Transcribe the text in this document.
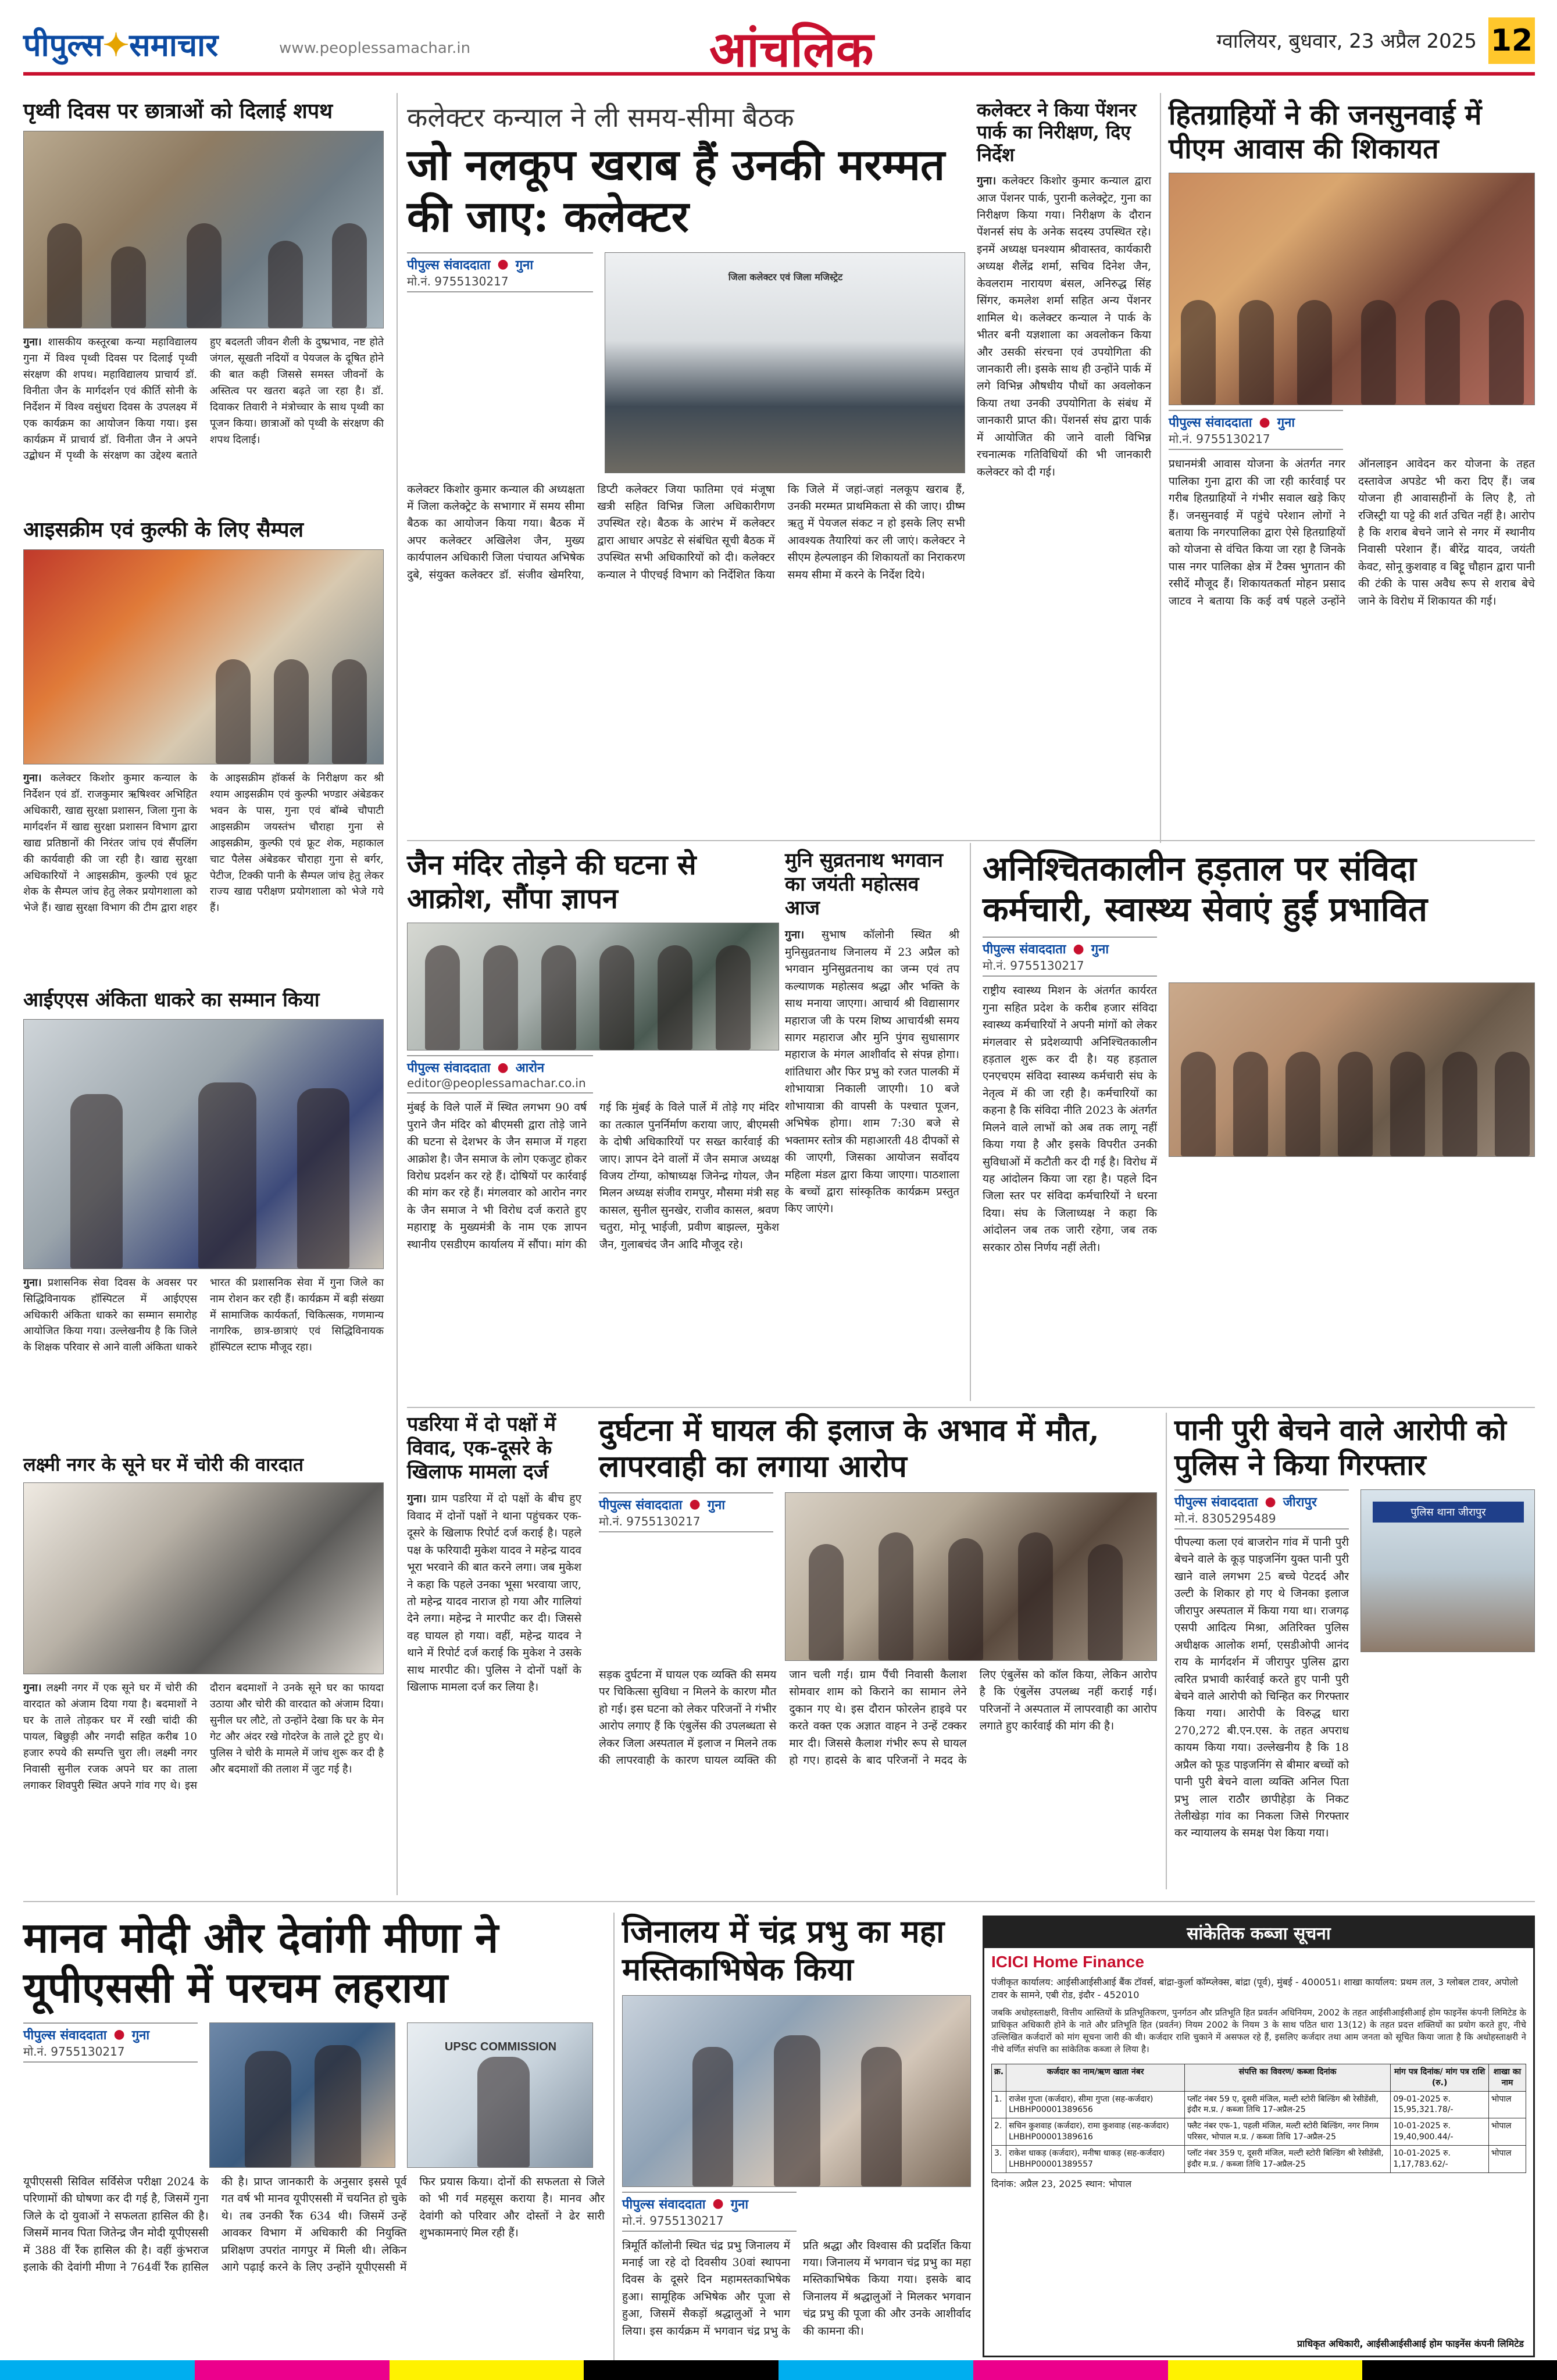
पीपुल्स✦समाचार	www.peoplessamachar.in	आंचलिक	ग्वालियर, बुधवार, 23 अप्रैल 2025 12
पृथ्वी दिवस पर छात्राओं को दिलाई शपथ
गुना। शासकीय कस्तूरबा कन्या महाविद्यालय गुना में विश्व पृथ्वी दिवस पर दिलाई पृथ्वी संरक्षण की शपथ। महाविद्यालय प्राचार्य डॉ. विनीता जैन के मार्गदर्शन एवं कीर्ति सोनी के निर्देशन में विश्व वसुंधरा दिवस के उपलक्ष्य में एक कार्यक्रम का आयोजन किया गया। इस कार्यक्रम में प्राचार्य डॉ. विनीता जैन ने अपने उद्बोधन में पृथ्वी के संरक्षण का उद्देश्य बताते हुए बदलती जीवन शैली के दुष्प्रभाव, नष्ट होते जंगल, सूखती नदियों व पेयजल के दूषित होने की बात कही जिससे समस्त जीवनों के अस्तित्व पर खतरा बढ़ते जा रहा है। डॉ. दिवाकर तिवारी ने मंत्रोच्चार के साथ पृथ्वी का पूजन किया। छात्राओं को पृथ्वी के संरक्षण की शपथ दिलाई।
आइसक्रीम एवं कुल्फी के लिए सैम्पल
गुना। कलेक्टर किशोर कुमार कन्याल के निर्देशन एवं डॉ. राजकुमार ऋषिश्वर अभिहित अधिकारी, खाद्य सुरक्षा प्रशासन, जिला गुना के मार्गदर्शन में खाद्य सुरक्षा प्रशासन विभाग द्वारा खाद्य प्रतिष्ठानों की निरंतर जांच एवं सैंपलिंग की कार्यवाही की जा रही है। खाद्य सुरक्षा अधिकारियों ने आइसक्रीम, कुल्फी एवं फ्रूट शेक के सैम्पल जांच हेतु लेकर प्रयोगशाला को भेजे हैं। खाद्य सुरक्षा विभाग की टीम द्वारा शहर के आइसक्रीम हॉकर्स के निरीक्षण कर श्री श्याम आइसक्रीम एवं कुल्फी भण्डार अंबेडकर भवन के पास, गुना एवं बॉम्बे चौपाटी आइसक्रीम जयस्तंभ चौराहा गुना से आइसक्रीम, कुल्फी एवं फ्रूट शेक, महाकाल चाट पैलेस अंबेडकर चौराहा गुना से बर्गर, पेटीज, टिक्की पानी के सैम्पल जांच हेतु लेकर राज्य खाद्य परीक्षण प्रयोगशाला को भेजे गये हैं।
आईएएस अंकिता धाकरे का सम्मान किया
गुना। प्रशासनिक सेवा दिवस के अवसर पर सिद्धिविनायक हॉस्पिटल में आईएएस अधिकारी अंकिता धाकरे का सम्मान समारोह आयोजित किया गया। उल्लेखनीय है कि जिले के शिक्षक परिवार से आने वाली अंकिता धाकरे भारत की प्रशासनिक सेवा में गुना जिले का नाम रोशन कर रही हैं। कार्यक्रम में बड़ी संख्या में सामाजिक कार्यकर्ता, चिकित्सक, गणमान्य नागरिक, छात्र-छात्राएं एवं सिद्धिविनायक हॉस्पिटल स्टाफ मौजूद रहा।
लक्ष्मी नगर के सूने घर में चोरी की वारदात
गुना। लक्ष्मी नगर में एक सूने घर में चोरी की वारदात को अंजाम दिया गया है। बदमाशों ने घर के ताले तोड़कर घर में रखी चांदी की पायल, बिछुड़ी और नगदी सहित करीब 10 हजार रुपये की सम्पत्ति चुरा ली। लक्ष्मी नगर निवासी सुनील रजक अपने घर का ताला लगाकर शिवपुरी स्थित अपने गांव गए थे। इस दौरान बदमाशों ने उनके सूने घर का फायदा उठाया और चोरी की वारदात को अंजाम दिया। सुनील घर लौटे, तो उन्होंने देखा कि घर के मेन गेट और अंदर रखे गोदरेज के ताले टूटे हुए थे। पुलिस ने चोरी के मामले में जांच शुरू कर दी है और बदमाशों की तलाश में जुट गई है।
कलेक्टर कन्याल ने ली समय-सीमा बैठक
जो नलकूप खराब हैं उनकी मरम्मत की जाए: कलेक्टर
पीपुल्स संवाददाता ● गुना
मो.नं. 9755130217	जिला कलेक्टर एवं जिला मजिस्ट्रेट
कलेक्टर किशोर कुमार कन्याल की अध्यक्षता में जिला कलेक्ट्रेट के सभागार में समय सीमा बैठक का आयोजन किया गया। बैठक में अपर कलेक्टर अखिलेश जैन, मुख्य कार्यपालन अधिकारी जिला पंचायत अभिषेक दुबे, संयुक्त कलेक्टर डॉ. संजीव खेमरिया, डिप्टी कलेक्टर जिया फातिमा एवं मंजूषा खत्री सहित विभिन्न जिला अधिकारीगण उपस्थित रहे। बैठक के आरंभ में कलेक्टर द्वारा आधार अपडेट से संबंधित सूची बैठक में उपस्थित सभी अधिकारियों को दी। कलेक्टर कन्याल ने पीएचई विभाग को निर्देशित किया कि जिले में जहां-जहां नलकूप खराब हैं, उनकी मरम्मत प्राथमिकता से की जाए। ग्रीष्म ऋतु में पेयजल संकट न हो इसके लिए सभी आवश्यक तैयारियां कर ली जाएं। कलेक्टर ने सीएम हेल्पलाइन की शिकायतों का निराकरण समय सीमा में करने के निर्देश दिये।
कलेक्टर ने किया पेंशनर पार्क का निरीक्षण, दिए निर्देश
गुना। कलेक्टर किशोर कुमार कन्याल द्वारा आज पेंशनर पार्क, पुरानी कलेक्ट्रेट, गुना का निरीक्षण किया गया। निरीक्षण के दौरान पेंशनर्स संघ के अनेक सदस्य उपस्थित रहे। इनमें अध्यक्ष घनश्याम श्रीवास्तव, कार्यकारी अध्यक्ष शैलेंद्र शर्मा, सचिव दिनेश जैन, केवलराम नारायण बंसल, अनिरुद्ध सिंह सिंगर, कमलेश शर्मा सहित अन्य पेंशनर शामिल थे। कलेक्टर कन्याल ने पार्क के भीतर बनी यज्ञशाला का अवलोकन किया और उसकी संरचना एवं उपयोगिता की जानकारी ली। इसके साथ ही उन्होंने पार्क में लगे विभिन्न औषधीय पौधों का अवलोकन किया तथा उनकी उपयोगिता के संबंध में जानकारी प्राप्त की। पेंशनर्स संघ द्वारा पार्क में आयोजित की जाने वाली विभिन्न रचनात्मक गतिविधियों की भी जानकारी कलेक्टर को दी गई।
हितग्राहियों ने की जनसुनवाई में पीएम आवास की शिकायत
पीपुल्स संवाददाता ● गुना
मो.नं. 9755130217
प्रधानमंत्री आवास योजना के अंतर्गत नगर पालिका गुना द्वारा की जा रही कार्रवाई पर गरीब हितग्राहियों ने गंभीर सवाल खड़े किए हैं। जनसुनवाई में पहुंचे परेशान लोगों ने बताया कि नगरपालिका द्वारा ऐसे हितग्राहियों को योजना से वंचित किया जा रहा है जिनके पास नगर पालिका क्षेत्र में टैक्स भुगतान की रसीदें मौजूद हैं। शिकायतकर्ता मोहन प्रसाद जाटव ने बताया कि कई वर्ष पहले उन्होंने ऑनलाइन आवेदन कर योजना के तहत दस्तावेज अपडेट भी करा दिए हैं। जब योजना ही आवासहीनों के लिए है, तो रजिस्ट्री या पट्टे की शर्त उचित नहीं है। आरोप है कि शराब बेचने जाने से नगर में स्थानीय निवासी परेशान हैं। बीरेंद्र यादव, जयंती केवट, सोनू कुशवाह व बिट्टू चौहान द्वारा पानी की टंकी के पास अवैध रूप से शराब बेचे जाने के विरोध में शिकायत की गई।
जैन मंदिर तोड़ने की घटना से आक्रोश, सौंपा ज्ञापन
पीपुल्स संवाददाता ● आरोन
editor@peoplessamachar.co.in
मुंबई के विले पार्ले में स्थित लगभग 90 वर्ष पुराने जैन मंदिर को बीएमसी द्वारा तोड़े जाने की घटना से देशभर के जैन समाज में गहरा आक्रोश है। जैन समाज के लोग एकजुट होकर विरोध प्रदर्शन कर रहे हैं। दोषियों पर कार्रवाई की मांग कर रहे हैं। मंगलवार को आरोन नगर के जैन समाज ने भी विरोध दर्ज कराते हुए महाराष्ट्र के मुख्यमंत्री के नाम एक ज्ञापन स्थानीय एसडीएम कार्यालय में सौंपा। मांग की गई कि मुंबई के विले पार्ले में तोड़े गए मंदिर का तत्काल पुनर्निर्माण कराया जाए, बीएमसी के दोषी अधिकारियों पर सख्त कार्रवाई की जाए। ज्ञापन देने वालों में जैन समाज अध्यक्ष विजय टोंग्या, कोषाध्यक्ष जिनेन्द्र गोयल, जैन मिलन अध्यक्ष संजीव रामपुर, मौसमा मंत्री सह कासल, सुनील सुनखेर, राजीव कासल, श्रवण चतुरा, मोनू भाईजी, प्रवीण बाझल्ल, मुकेश जैन, गुलाबचंद जैन आदि मौजूद रहे।
मुनि सुव्रतनाथ भगवान का जयंती महोत्सव आज
गुना। सुभाष कॉलोनी स्थित श्री मुनिसुव्रतनाथ जिनालय में 23 अप्रैल को भगवान मुनिसुव्रतनाथ का जन्म एवं तप कल्याणक महोत्सव श्रद्धा और भक्ति के साथ मनाया जाएगा। आचार्य श्री विद्यासागर महाराज जी के परम शिष्य आचार्यश्री समय सागर महाराज और मुनि पुंगव सुधासागर महाराज के मंगल आशीर्वाद से संपन्न होगा। शांतिधारा और फिर प्रभु को रजत पालकी में शोभायात्रा निकाली जाएगी। 10 बजे शोभायात्रा की वापसी के पश्चात पूजन, अभिषेक होगा। शाम 7:30 बजे से भक्तामर स्तोत्र की महाआरती 48 दीपकों से की जाएगी, जिसका आयोजन सर्वोदय महिला मंडल द्वारा किया जाएगा। पाठशाला के बच्चों द्वारा सांस्कृतिक कार्यक्रम प्रस्तुत किए जाएंगे।
अनिश्चितकालीन हड़ताल पर संविदा कर्मचारी, स्वास्थ्य सेवाएं हुईं प्रभावित
पीपुल्स संवाददाता ● गुना
मो.नं. 9755130217
राष्ट्रीय स्वास्थ्य मिशन के अंतर्गत कार्यरत गुना सहित प्रदेश के करीब हजार संविदा स्वास्थ्य कर्मचारियों ने अपनी मांगों को लेकर मंगलवार से प्रदेशव्यापी अनिश्चितकालीन हड़ताल शुरू कर दी है। यह हड़ताल एनएचएम संविदा स्वास्थ्य कर्मचारी संघ के नेतृत्व में की जा रही है। कर्मचारियों का कहना है कि संविदा नीति 2023 के अंतर्गत मिलने वाले लाभों को अब तक लागू नहीं किया गया है और इसके विपरीत उनकी सुविधाओं में कटौती कर दी गई है। विरोध में यह आंदोलन किया जा रहा है। पहले दिन जिला स्तर पर संविदा कर्मचारियों ने धरना दिया। संघ के जिलाध्यक्ष ने कहा कि आंदोलन जब तक जारी रहेगा, जब तक सरकार ठोस निर्णय नहीं लेती।
पडरिया में दो पक्षों में विवाद, एक-दूसरे के खिलाफ मामला दर्ज
गुना। ग्राम पडरिया में दो पक्षों के बीच हुए विवाद में दोनों पक्षों ने थाना पहुंचकर एक-दूसरे के खिलाफ रिपोर्ट दर्ज कराई है। पहले पक्ष के फरियादी मुकेश यादव ने महेन्द्र यादव भूरा भरवाने की बात करने लगा। जब मुकेश ने कहा कि पहले उनका भूसा भरवाया जाए, तो महेन्द्र यादव नाराज हो गया और गालियां देने लगा। महेन्द्र ने मारपीट कर दी। जिससे वह घायल हो गया। वहीं, महेन्द्र यादव ने थाने में रिपोर्ट दर्ज कराई कि मुकेश ने उसके साथ मारपीट की। पुलिस ने दोनों पक्षों के खिलाफ मामला दर्ज कर लिया है।
दुर्घटना में घायल की इलाज के अभाव में मौत, लापरवाही का लगाया आरोप
पीपुल्स संवाददाता ● गुना
मो.नं. 9755130217
सड़क दुर्घटना में घायल एक व्यक्ति की समय पर चिकित्सा सुविधा न मिलने के कारण मौत हो गई। इस घटना को लेकर परिजनों ने गंभीर आरोप लगाए हैं कि एंबुलेंस की उपलब्धता से लेकर जिला अस्पताल में इलाज न मिलने तक की लापरवाही के कारण घायल व्यक्ति की जान चली गई। ग्राम पैंची निवासी कैलाश सोमवार शाम को किराने का सामान लेने दुकान गए थे। इस दौरान फोरलेन हाइवे पर करते वक्त एक अज्ञात वाहन ने उन्हें टक्कर मार दी। जिससे कैलाश गंभीर रूप से घायल हो गए। हादसे के बाद परिजनों ने मदद के लिए एंबुलेंस को कॉल किया, लेकिन आरोप है कि एंबुलेंस उपलब्ध नहीं कराई गई। परिजनों ने अस्पताल में लापरवाही का आरोप लगाते हुए कार्रवाई की मांग की है।
पानी पुरी बेचने वाले आरोपी को पुलिस ने किया गिरफ्तार
पीपुल्स संवाददाता ● जीरापुर
मो.नं. 8305295489
पीपल्या कला एवं बाजरोन गांव में पानी पुरी बेचने वाले के कूड़ पाइजनिंग युक्त पानी पुरी खाने वाले लगभग 25 बच्चे पेटदर्द और उल्टी के शिकार हो गए थे जिनका इलाज जीरापुर अस्पताल में किया गया था। राजगढ़ एसपी आदित्य मिश्रा, अतिरिक्त पुलिस अधीक्षक आलोक शर्मा, एसडीओपी आनंद राय के मार्गदर्शन में जीरापुर पुलिस द्वारा त्वरित प्रभावी कार्रवाई करते हुए पानी पुरी बेचने वाले आरोपी को चिन्हित कर गिरफ्तार किया गया। आरोपी के विरुद्ध धारा 270,272 बी.एन.एस. के तहत अपराध कायम किया गया। उल्लेखनीय है कि 18 अप्रैल को फूड पाइजनिंग से बीमार बच्चों को पानी पुरी बेचने वाला व्यक्ति अनिल पिता प्रभु लाल राठौर छापीहेड़ा के निकट तेलीखेड़ा गांव का निकला जिसे गिरफ्तार कर न्यायालय के समक्ष पेश किया गया।
पुलिस थाना जीरापुर
मानव मोदी और देवांगी मीणा ने यूपीएससी में परचम लहराया
पीपुल्स संवाददाता ● गुना
मो.नं. 9755130217	UPSC COMMISSION
यूपीएससी सिविल सर्विसेज परीक्षा 2024 के परिणामों की घोषणा कर दी गई है, जिसमें गुना जिले के दो युवाओं ने सफलता हासिल की है। जिसमें मानव पिता जितेन्द्र जैन मोदी यूपीएससी में 388 वीं रैंक हासिल की है। वहीं कुंभराज इलाके की देवांगी मीणा ने 764वीं रैंक हासिल की है। प्राप्त जानकारी के अनुसार इससे पूर्व गत वर्ष भी मानव यूपीएससी में चयनित हो चुके थे। तब उनकी रैंक 634 थी। जिसमें उन्हें आवकर विभाग में अधिकारी की नियुक्ति प्रशिक्षण उपरांत नागपुर में मिली थी। लेकिन आगे पढ़ाई करने के लिए उन्होंने यूपीएससी में फिर प्रयास किया। दोनों की सफलता से जिले को भी गर्व महसूस कराया है। मानव और देवांगी को परिवार और दोस्तों ने ढेर सारी शुभकामनाएं मिल रही हैं।
जिनालय में चंद्र प्रभु का महा मस्तिकाभिषेक किया
पीपुल्स संवाददाता ● गुना
मो.नं. 9755130217
त्रिमूर्ति कॉलोनी स्थित चंद्र प्रभु जिनालय में मनाई जा रहे दो दिवसीय 30वां स्थापना दिवस के दूसरे दिन महामस्तकाभिषेक हुआ। सामूहिक अभिषेक और पूजा से हुआ, जिसमें सैकड़ों श्रद्धालुओं ने भाग लिया। इस कार्यक्रम में भगवान चंद्र प्रभु के प्रति श्रद्धा और विश्वास की प्रदर्शित किया गया। जिनालय में भगवान चंद्र प्रभु का महा मस्तिकाभिषेक किया गया। इसके बाद जिनालय में श्रद्धालुओं ने मिलकर भगवान चंद्र प्रभु की पूजा की और उनके आशीर्वाद की कामना की।
सांकेतिक कब्जा सूचना
ICICI Home Finance
पंजीकृत कार्यालय: आईसीआईसीआई बैंक टॉवर्स, बांद्रा-कुर्ला कॉम्प्लेक्स, बांद्रा (पूर्व), मुंबई - 400051। शाखा कार्यालय: प्रथम तल, 3 ग्लोबल टावर, अपोलो टावर के सामने, एबी रोड, इंदौर - 452010
जबकि अधोहस्ताक्षरी, वित्तीय आस्तियों के प्रतिभूतिकरण, पुनर्गठन और प्रतिभूति हित प्रवर्तन अधिनियम, 2002 के तहत आईसीआईसीआई होम फाइनेंस कंपनी लिमिटेड के प्राधिकृत अधिकारी होने के नाते और प्रतिभूति हित (प्रवर्तन) नियम 2002 के नियम 3 के साथ पठित धारा 13(12) के तहत प्रदत्त शक्तियों का प्रयोग करते हुए, नीचे उल्लिखित कर्जदारों को मांग सूचना जारी की थी। कर्जदार राशि चुकाने में असफल रहे हैं, इसलिए कर्जदार तथा आम जनता को सूचित किया जाता है कि अधोहस्ताक्षरी ने नीचे वर्णित संपत्ति का सांकेतिक कब्जा ले लिया है।
क्र.	कर्जदार का नाम/ऋण खाता नंबर	संपत्ति का विवरण/ कब्जा दिनांक	मांग पत्र दिनांक/ मांग पत्र राशि (रु.)	शाखा का नाम
1.	राजेश गुप्ता (कर्जदार), सीमा गुप्ता (सह-कर्जदार) LHBHP00001389656	प्लॉट नंबर 59 ए, दूसरी मंजिल, मल्टी स्टोरी बिल्डिंग श्री रेसीडेंसी, इंदौर म.प्र. / कब्जा तिथि 17-अप्रैल-25	09-01-2025 रु. 15,95,321.78/-	भोपाल
2.	सचिन कुशवाह (कर्जदार), रामा कुशवाह (सह-कर्जदार) LHBHP00001389616	फ्लैट नंबर एफ-1, पहली मंजिल, मल्टी स्टोरी बिल्डिंग, नगर निगम परिसर, भोपाल म.प्र. / कब्जा तिथि 17-अप्रैल-25	10-01-2025 रु. 19,40,900.44/-	भोपाल
3.	राकेश धाकड़ (कर्जदार), मनीषा धाकड़ (सह-कर्जदार) LHBHP00001389557	प्लॉट नंबर 359 ए, दूसरी मंजिल, मल्टी स्टोरी बिल्डिंग श्री रेसीडेंसी, इंदौर म.प्र. / कब्जा तिथि 17-अप्रैल-25	10-01-2025 रु. 1,17,783.62/-	भोपाल
दिनांक: अप्रैल 23, 2025 स्थान: भोपाल
प्राधिकृत अधिकारी, आईसीआईसीआई होम फाइनेंस कंपनी लिमिटेड
